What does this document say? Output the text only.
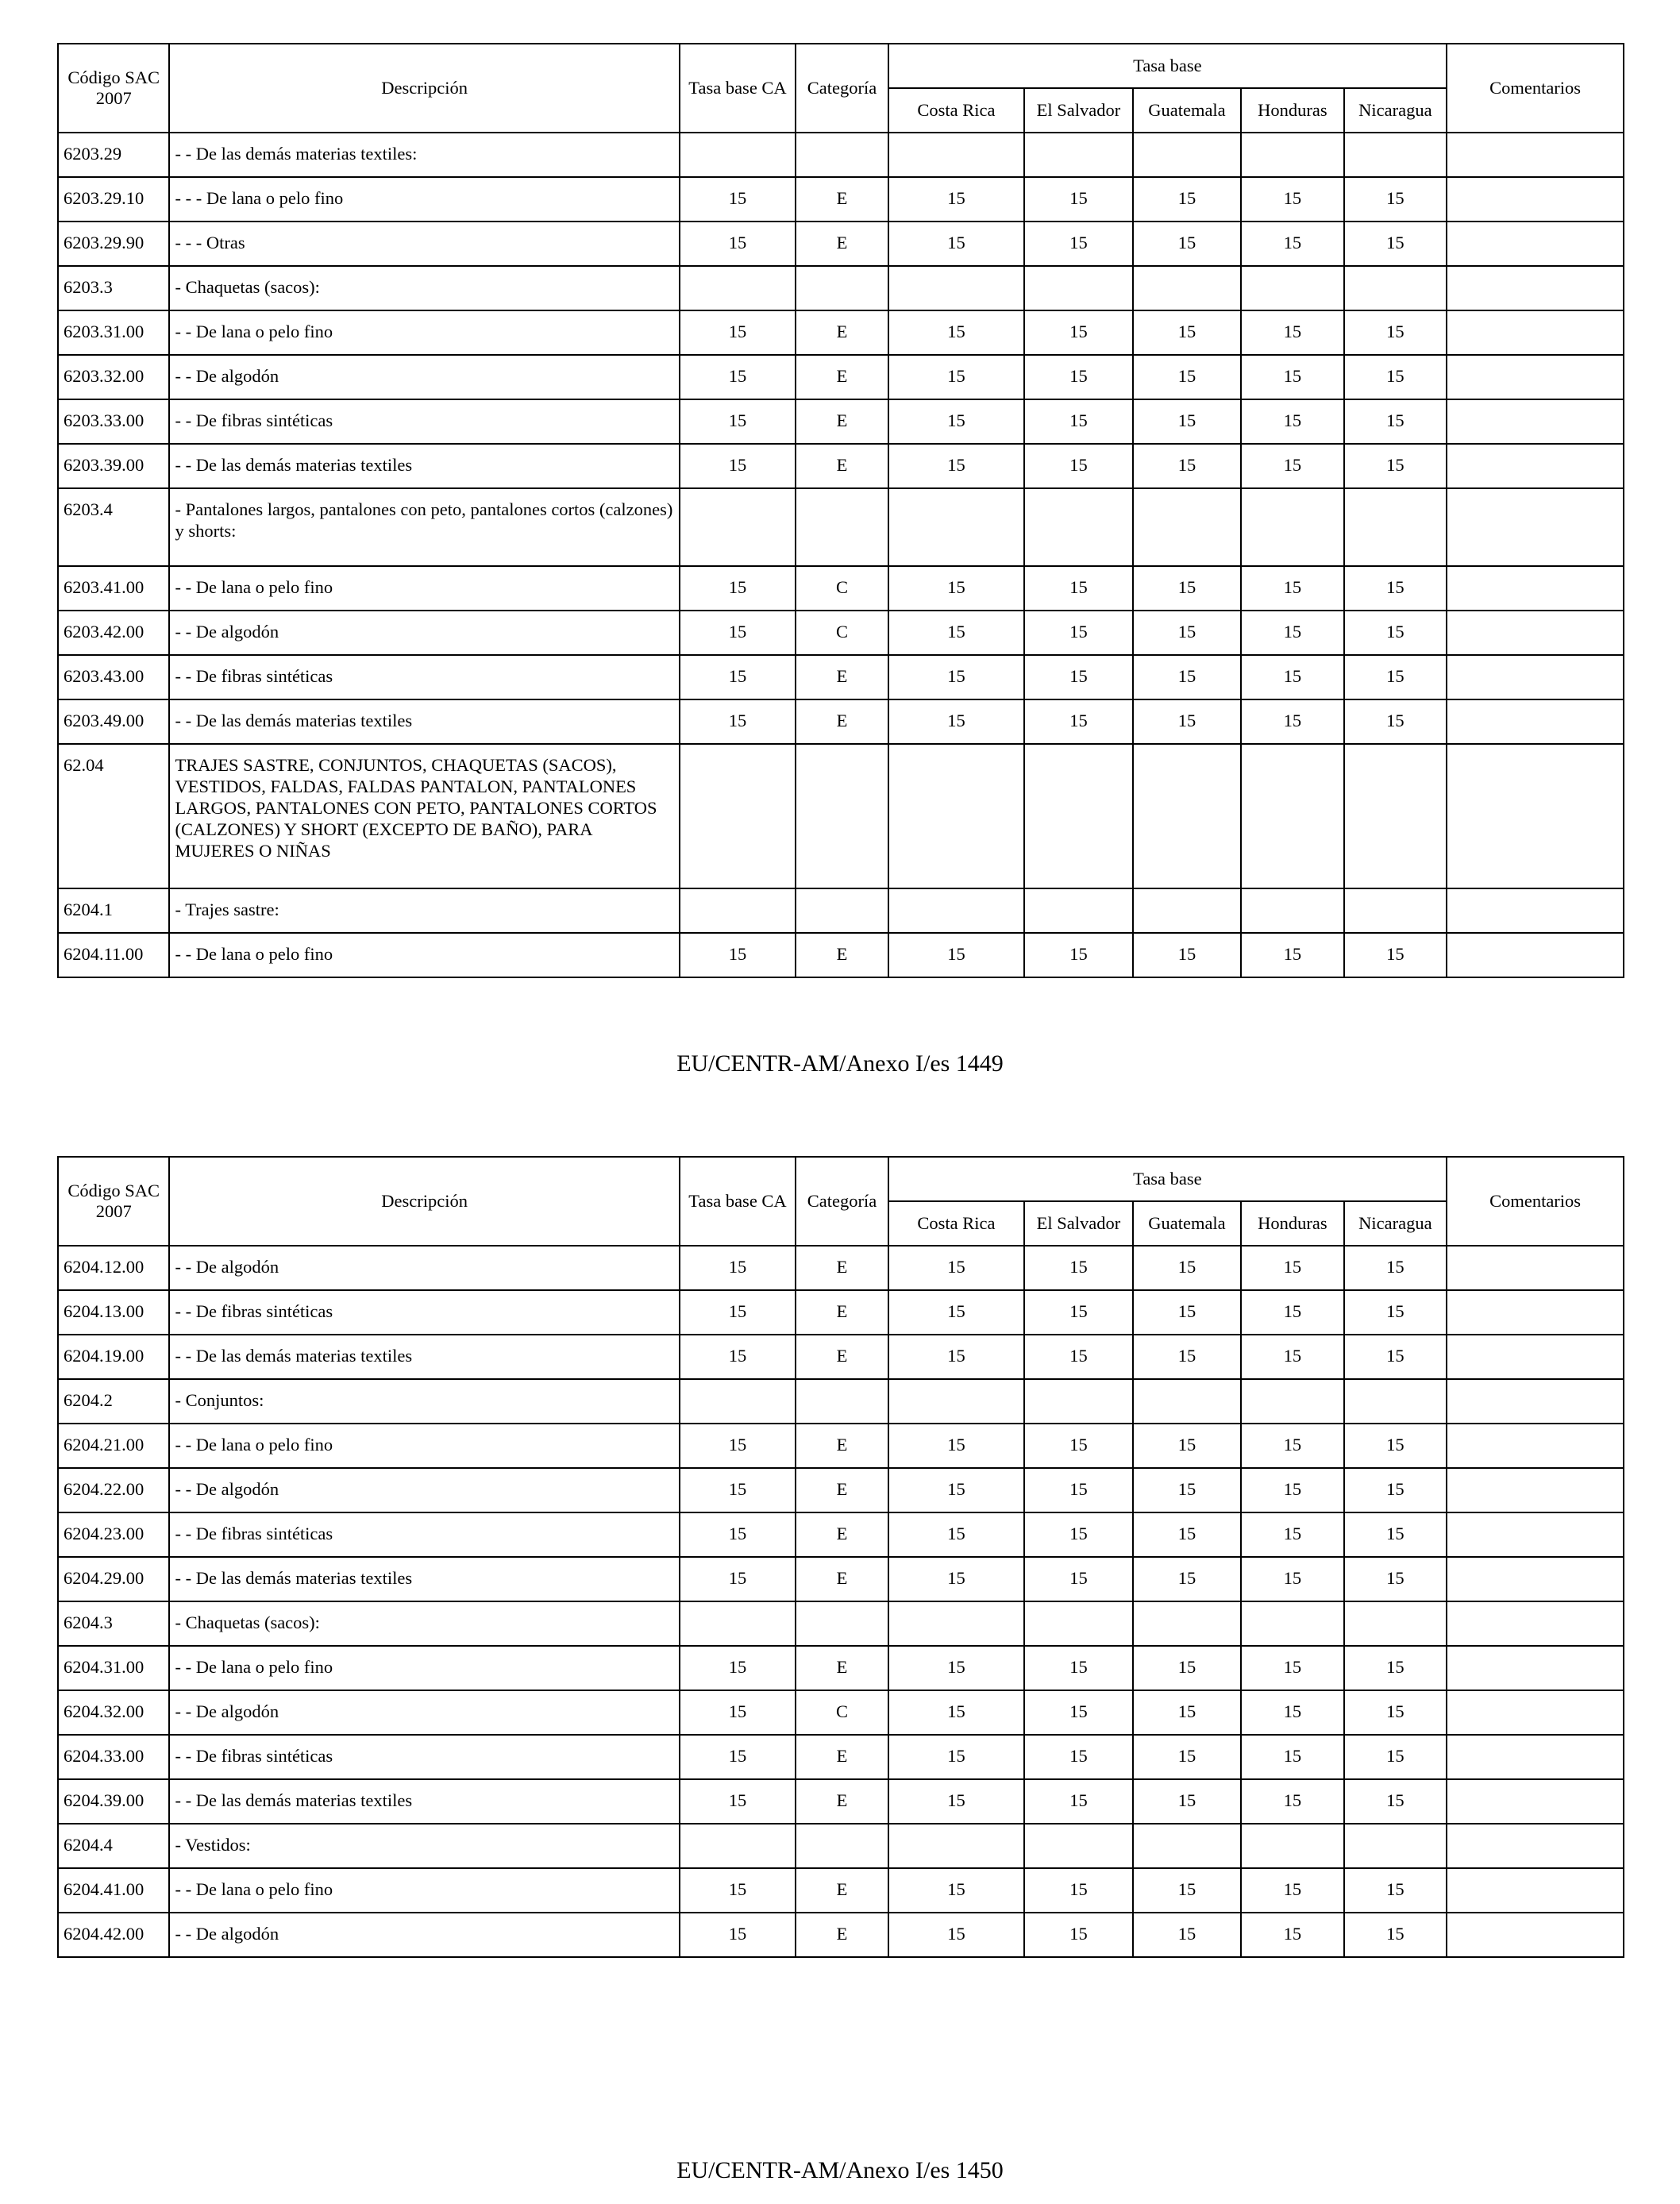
Código SAC 2007	Descripción	Tasa base CA	Categoría	Tasa base					Comentarios
				Costa Rica	El Salvador	Guatemala	Honduras	Nicaragua	
6203.29	- - De las demás materias textiles:								
6203.29.10	- - - De lana o pelo fino	15	E	15	15	15	15	15	
6203.29.90	- - - Otras	15	E	15	15	15	15	15	
6203.3	- Chaquetas (sacos):								
6203.31.00	- - De lana o pelo fino	15	E	15	15	15	15	15	
6203.32.00	- - De algodón	15	E	15	15	15	15	15	
6203.33.00	- - De fibras sintéticas	15	E	15	15	15	15	15	
6203.39.00	- - De las demás materias textiles	15	E	15	15	15	15	15	
6203.4	- Pantalones largos, pantalones con peto, pantalones cortos (calzones) y shorts:								
6203.41.00	- - De lana o pelo fino	15	C	15	15	15	15	15	
6203.42.00	- - De algodón	15	C	15	15	15	15	15	
6203.43.00	- - De fibras sintéticas	15	E	15	15	15	15	15	
6203.49.00	- - De las demás materias textiles	15	E	15	15	15	15	15	
62.04	TRAJES SASTRE, CONJUNTOS, CHAQUETAS (SACOS), VESTIDOS, FALDAS, FALDAS PANTALON, PANTALONES LARGOS, PANTALONES CON PETO, PANTALONES CORTOS (CALZONES) Y SHORT (EXCEPTO DE BAÑO), PARA MUJERES O NIÑAS								
6204.1	- Trajes sastre:								
6204.11.00	- - De lana o pelo fino	15	E	15	15	15	15	15	
EU/CENTR-AM/Anexo I/es 1449
Código SAC 2007	Descripción	Tasa base CA	Categoría	Tasa base					Comentarios
				Costa Rica	El Salvador	Guatemala	Honduras	Nicaragua	
6204.12.00	- - De algodón	15	E	15	15	15	15	15	
6204.13.00	- - De fibras sintéticas	15	E	15	15	15	15	15	
6204.19.00	- - De las demás materias textiles	15	E	15	15	15	15	15	
6204.2	- Conjuntos:								
6204.21.00	- - De lana o pelo fino	15	E	15	15	15	15	15	
6204.22.00	- - De algodón	15	E	15	15	15	15	15	
6204.23.00	- - De fibras sintéticas	15	E	15	15	15	15	15	
6204.29.00	- - De las demás materias textiles	15	E	15	15	15	15	15	
6204.3	- Chaquetas (sacos):								
6204.31.00	- - De lana o pelo fino	15	E	15	15	15	15	15	
6204.32.00	- - De algodón	15	C	15	15	15	15	15	
6204.33.00	- - De fibras sintéticas	15	E	15	15	15	15	15	
6204.39.00	- - De las demás materias textiles	15	E	15	15	15	15	15	
6204.4	- Vestidos:								
6204.41.00	- - De lana o pelo fino	15	E	15	15	15	15	15	
6204.42.00	- - De algodón	15	E	15	15	15	15	15	
EU/CENTR-AM/Anexo I/es 1450
